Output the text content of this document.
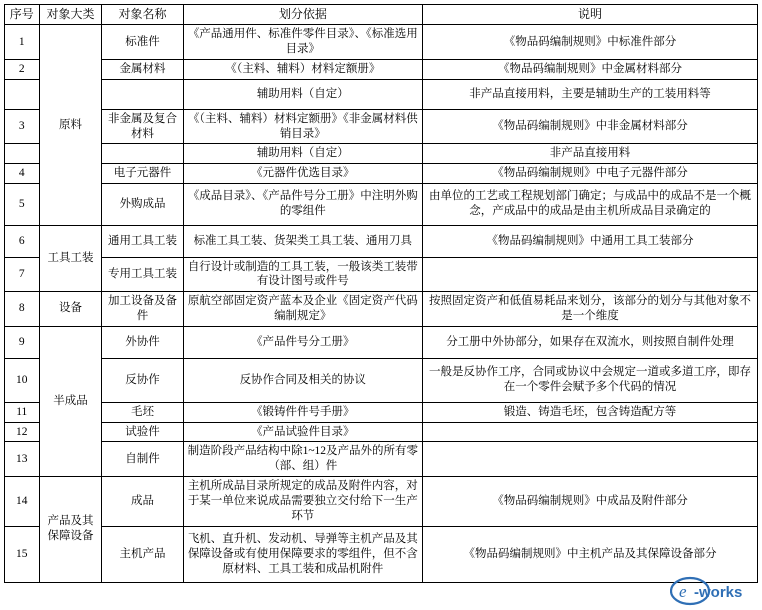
序号	对象大类	对象名称	划分依据	说明
1	原料	标准件	《产品通用件、标准件零件目录》、《标准选用目录》	《物品码编制规则》中标准件部分
2		金属材料	《（主料、辅料）材料定额册》	《物品码编制规则》中金属材料部分
			辅助用料（自定）	非产品直接用料，主要是辅助生产的工装用料等
3		非金属及复合材料	《（主料、辅料）材料定额册》《非金属材料供销目录》	《物品码编制规则》中非金属材料部分
			辅助用料（自定）	非产品直接用料
4		电子元器件	《元器件优选目录》	《物品码编制规则》中电子元器件部分
5		外购成品	《成品目录》、《产品件号分工册》中注明外购的零组件	由单位的工艺或工程规划部门确定；与成品中的成品不是一个概念，产成品中的成品是由主机所成品目录确定的
6	工具工装	通用工具工装	标准工具工装、货架类工具工装、通用刀具	《物品码编制规则》中通用工具工装部分
7		专用工具工装	自行设计或制造的工具工装，一般该类工装带有设计图号或件号	
8	设备	加工设备及备件	原航空部固定资产蓝本及企业《固定资产代码编制规定》	按照固定资产和低值易耗品来划分，该部分的划分与其他对象不是一个维度
9	半成品	外协件	《产品件号分工册》	分工册中外协部分，如果存在双流水，则按照自制件处理
10		反协作	反协作合同及相关的协议	一般是反协作工序，合同或协议中会规定一道或多道工序，即存在一个零件会赋予多个代码的情况
11		毛坯	《锻铸件件号手册》	锻造、铸造毛坯，包含铸造配方等
12		试验件	《产品试验件目录》	
13		自制件	制造阶段产品结构中除1~12及产品外的所有零（部、组）件	
14	产品及其保障设备	成品	主机所成品目录所规定的成品及附件内容，对于某一单位来说成品需要独立交付给下一生产环节	《物品码编制规则》中成品及附件部分
15		主机产品	飞机、直升机、发动机、导弹等主机产品及其保障设备或有使用保障要求的零组件，但不含原材料、工具工装和成品机附件	《物品码编制规则》中主机产品及其保障设备部分
e -works
